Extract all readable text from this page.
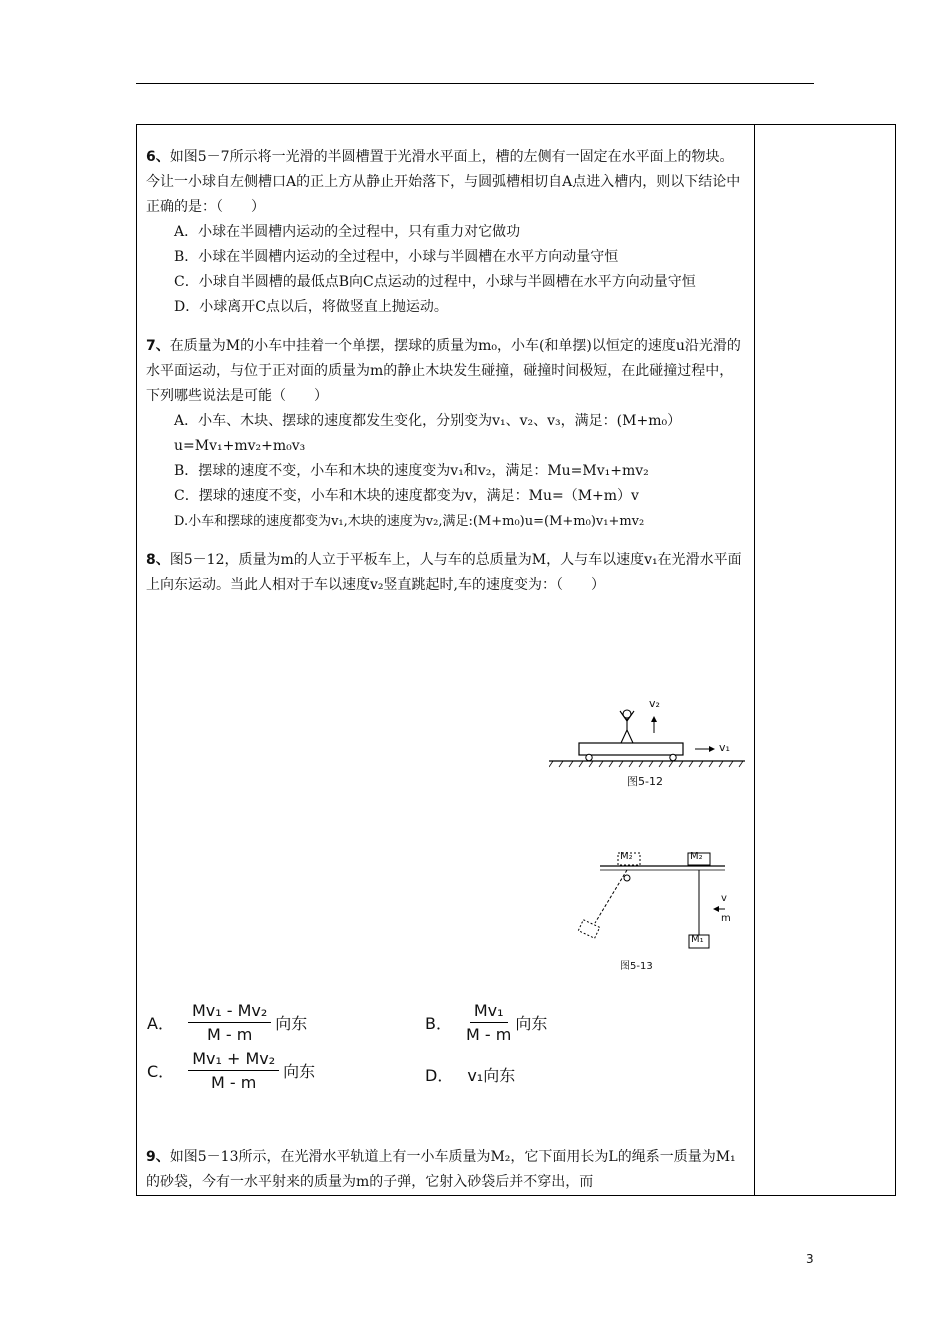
6、如图5－7所示将一光滑的半圆槽置于光滑水平面上，槽的左侧有一固定在水平面上的物块。今让一小球自左侧槽口A的正上方从静止开始落下，与圆弧槽相切自A点进入槽内，则以下结论中正确的是：（　　）

A．小球在半圆槽内运动的全过程中，只有重力对它做功

B．小球在半圆槽内运动的全过程中，小球与半圆槽在水平方向动量守恒

C．小球自半圆槽的最低点B向C点运动的过程中，小球与半圆槽在水平方向动量守恒

D．小球离开C点以后，将做竖直上抛运动。

7、在质量为M的小车中挂着一个单摆，摆球的质量为m₀，小车(和单摆)以恒定的速度u沿光滑的水平面运动，与位于正对面的质量为m的静止木块发生碰撞，碰撞时间极短，在此碰撞过程中，下列哪些说法是可能（　　）

A．小车、木块、摆球的速度都发生变化，分别变为v₁、v₂、v₃，满足：(M+m₀）u=Mv₁+mv₂+m₀v₃

B．摆球的速度不变，小车和木块的速度变为v₁和v₂，满足：Mu=Mv₁+mv₂

C．摆球的速度不变，小车和木块的速度都变为v，满足：Mu=（M+m）v

D.小车和摆球的速度都变为v₁,木块的速度为v₂,满足:(M+m₀)u=(M+m₀)v₁+mv₂

8、图5－12，质量为m的人立于平板车上，人与车的总质量为M，人与车以速度v₁在光滑水平面上向东运动。当此人相对于车以速度v₂竖直跳起时,车的速度变为：（　　）

v₂
v₁
图5-12
M₂	M₂
M₁
v
m
图5-13
A． $\frac{\text{Mv₁ - Mv₂}}{M - m}$ 向东	B． $\frac{\text{Mv₁}}{M - m}$ 向东
C． $\frac{\text{Mv₁ + Mv₂}}{M - m}$ 向东	D． v₁向东

9、如图5－13所示，在光滑水平轨道上有一小车质量为M₂，它下面用长为L的绳系一质量为M₁的砂袋，今有一水平射来的质量为m的子弹，它射入砂袋后并不穿出，而

3
